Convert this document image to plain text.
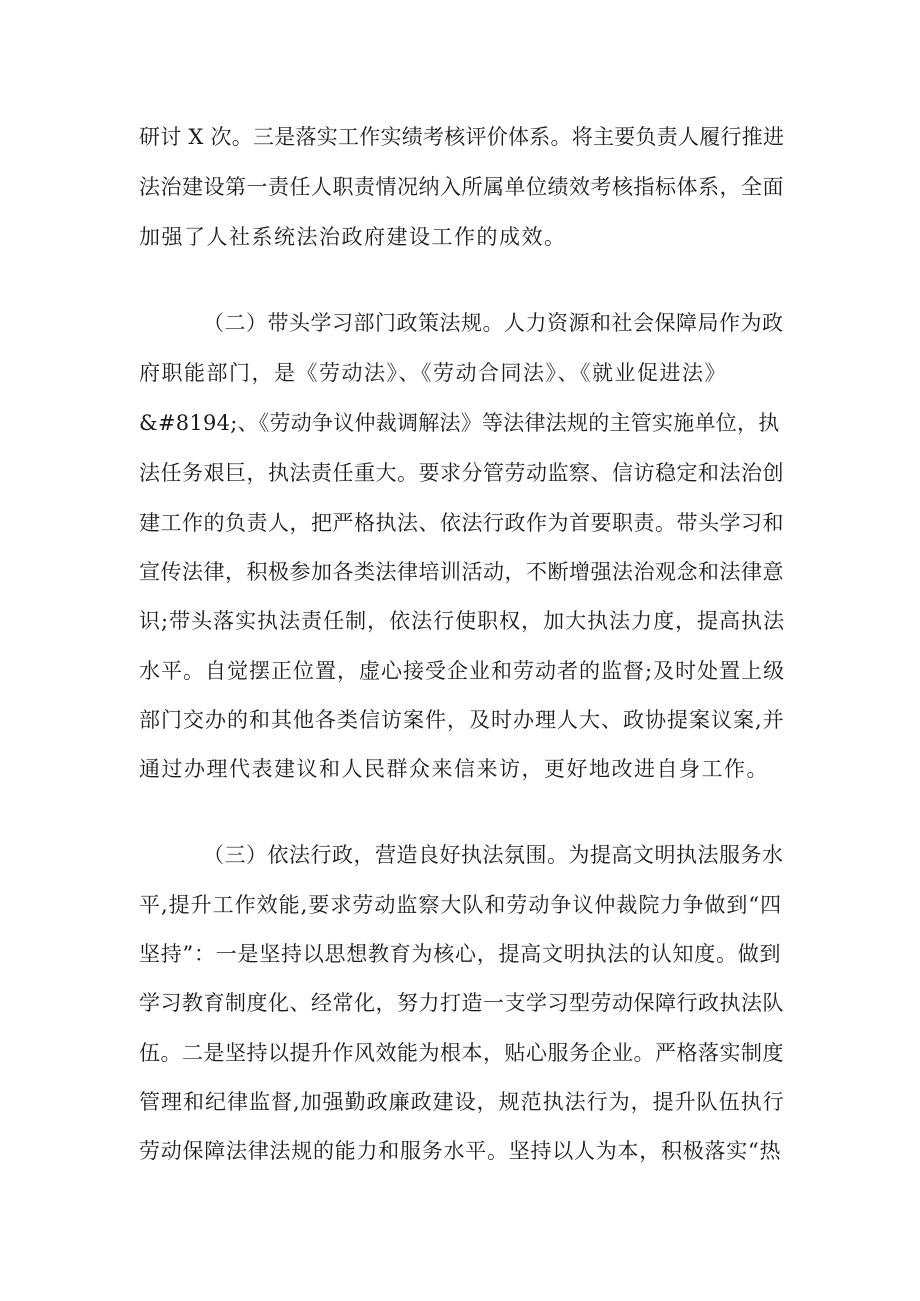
研讨 X 次。三是落实工作实绩考核评价体系。将主要负责人履行推进
法治建设第一责任人职责情况纳入所属单位绩效考核指标体系，全面
加强了人社系统法治政府建设工作的成效。
（二）带头学习部门政策法规。人力资源和社会保障局作为政
府职能部门，是《劳动法》、《劳动合同法》、《就业促进法》
&#8194;、《劳动争议仲裁调解法》等法律法规的主管实施单位，执
法任务艰巨，执法责任重大。要求分管劳动监察、信访稳定和法治创
建工作的负责人，把严格执法、依法行政作为首要职责。带头学习和
宣传法律，积极参加各类法律培训活动，不断增强法治观念和法律意
识;带头落实执法责任制，依法行使职权，加大执法力度，提高执法
水平。自觉摆正位置，虚心接受企业和劳动者的监督;及时处置上级
部门交办的和其他各类信访案件，及时办理人大、政协提案议案,并
通过办理代表建议和人民群众来信来访，更好地改进自身工作。
（三）依法行政，营造良好执法氛围。为提高文明执法服务水
平,提升工作效能,要求劳动监察大队和劳动争议仲裁院力争做到“四
坚持”：一是坚持以思想教育为核心，提高文明执法的认知度。做到
学习教育制度化、经常化，努力打造一支学习型劳动保障行政执法队
伍。二是坚持以提升作风效能为根本，贴心服务企业。严格落实制度
管理和纪律监督,加强勤政廉政建设，规范执法行为，提升队伍执行
劳动保障法律法规的能力和服务水平。坚持以人为本，积极落实“热
